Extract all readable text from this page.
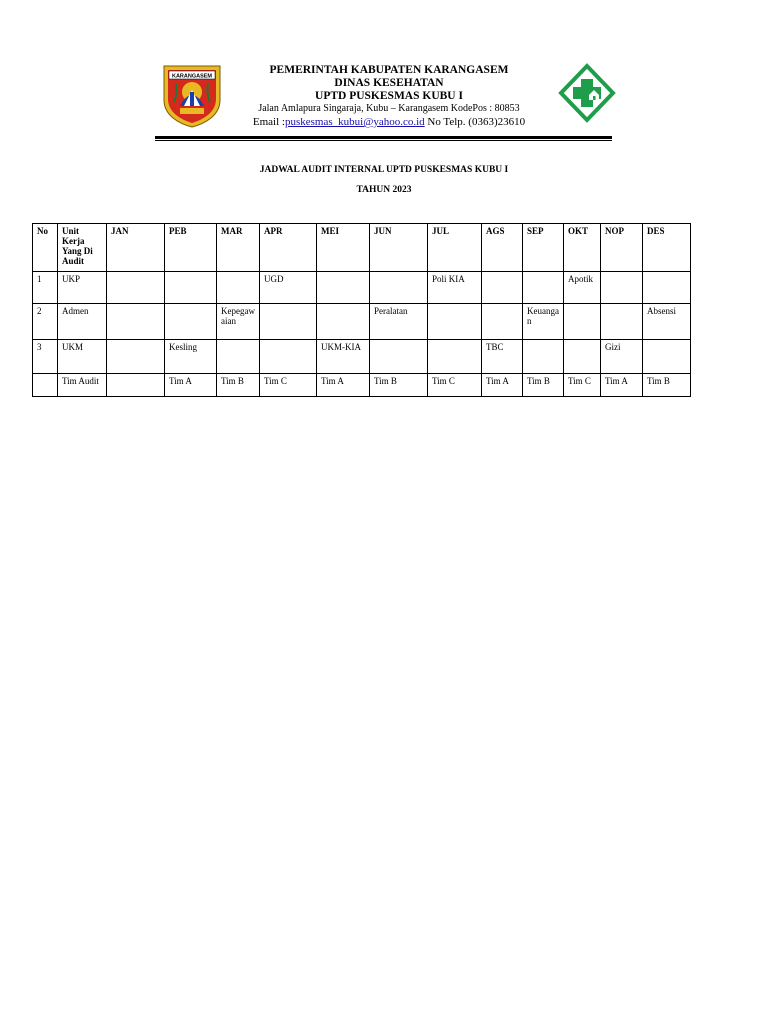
KARANGASEM
PEMERINTAH KABUPATEN KARANGASEM
DINAS KESEHATAN
UPTD PUSKESMAS KUBU I
Jalan Amlapura Singaraja, Kubu – Karangasem KodePos : 80853
Email :puskesmas_kubui@yahoo.co.id No Telp. (0363)23610
JADWAL AUDIT INTERNAL UPTD PUSKESMAS KUBU I
TAHUN 2023
No	Unit Kerja Yang Di Audit	JAN	PEB	MAR	APR	MEI	JUN	JUL	AGS	SEP	OKT	NOP	DES
1	UKP				UGD			Poli KIA			Apotik		
2	Admen			Kepegawaian			Peralatan			Keuangan			Absensi
3	UKM		Kesling			UKM-KIA			TBC			Gizi	
	Tim Audit		Tim A	Tim B	Tim C	Tim A	Tim B	Tim C	Tim A	Tim B	Tim C	Tim A	Tim B
